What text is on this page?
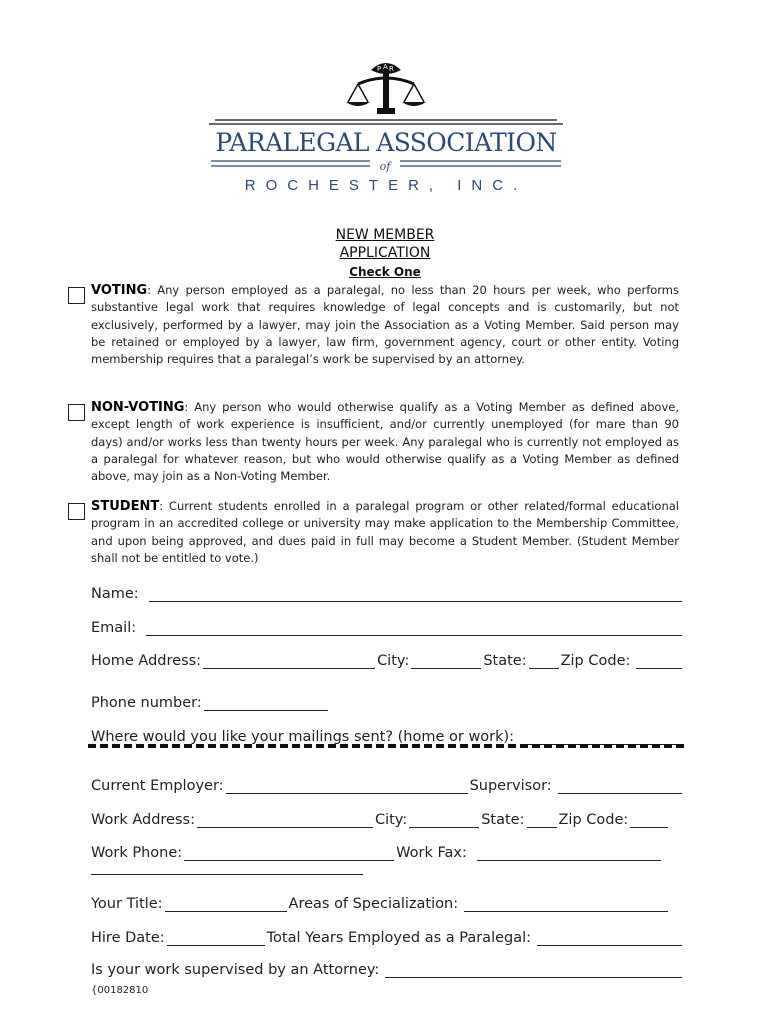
P A R
PARALEGAL ASSOCIATION
of
ROCHESTER, INC.
NEW MEMBER
APPLICATION
Check One
VOTING: Any person employed as a paralegal, no less than 20 hours per week, who performs substantive legal work that requires knowledge of legal concepts and is customarily, but not exclusively, performed by a lawyer, may join the Association as a Voting Member. Said person may be retained or employed by a lawyer, law firm, government agency, court or other entity. Voting membership requires that a paralegal’s work be supervised by an attorney.
NON-VOTING: Any person who would otherwise qualify as a Voting Member as defined above, except length of work experience is insufficient, and/or currently unemployed (for mare than 90 days) and/or works less than twenty hours per week. Any paralegal who is currently not employed as a paralegal for whatever reason, but who would otherwise qualify as a Voting Member as defined above, may join as a Non-Voting Member.
STUDENT: Current students enrolled in a paralegal program or other related/formal educational program in an accredited college or university may make application to the Membership Committee, and upon being approved, and dues paid in full may become a Student Member. (Student Member shall not be entitled to vote.)
Name:
Email:
Home Address:	City:	State: Zip Code:
Phone number:
Where would you like your mailings sent? (home or work):
Current Employer:	Supervisor:
Work Address:	City:	State: Zip Code:
Work Phone:	Work Fax:
Your Title:	Areas of Specialization:
Hire Date:	Total Years Employed as a Paralegal:
Is your work supervised by an Attorney:
{00182810
